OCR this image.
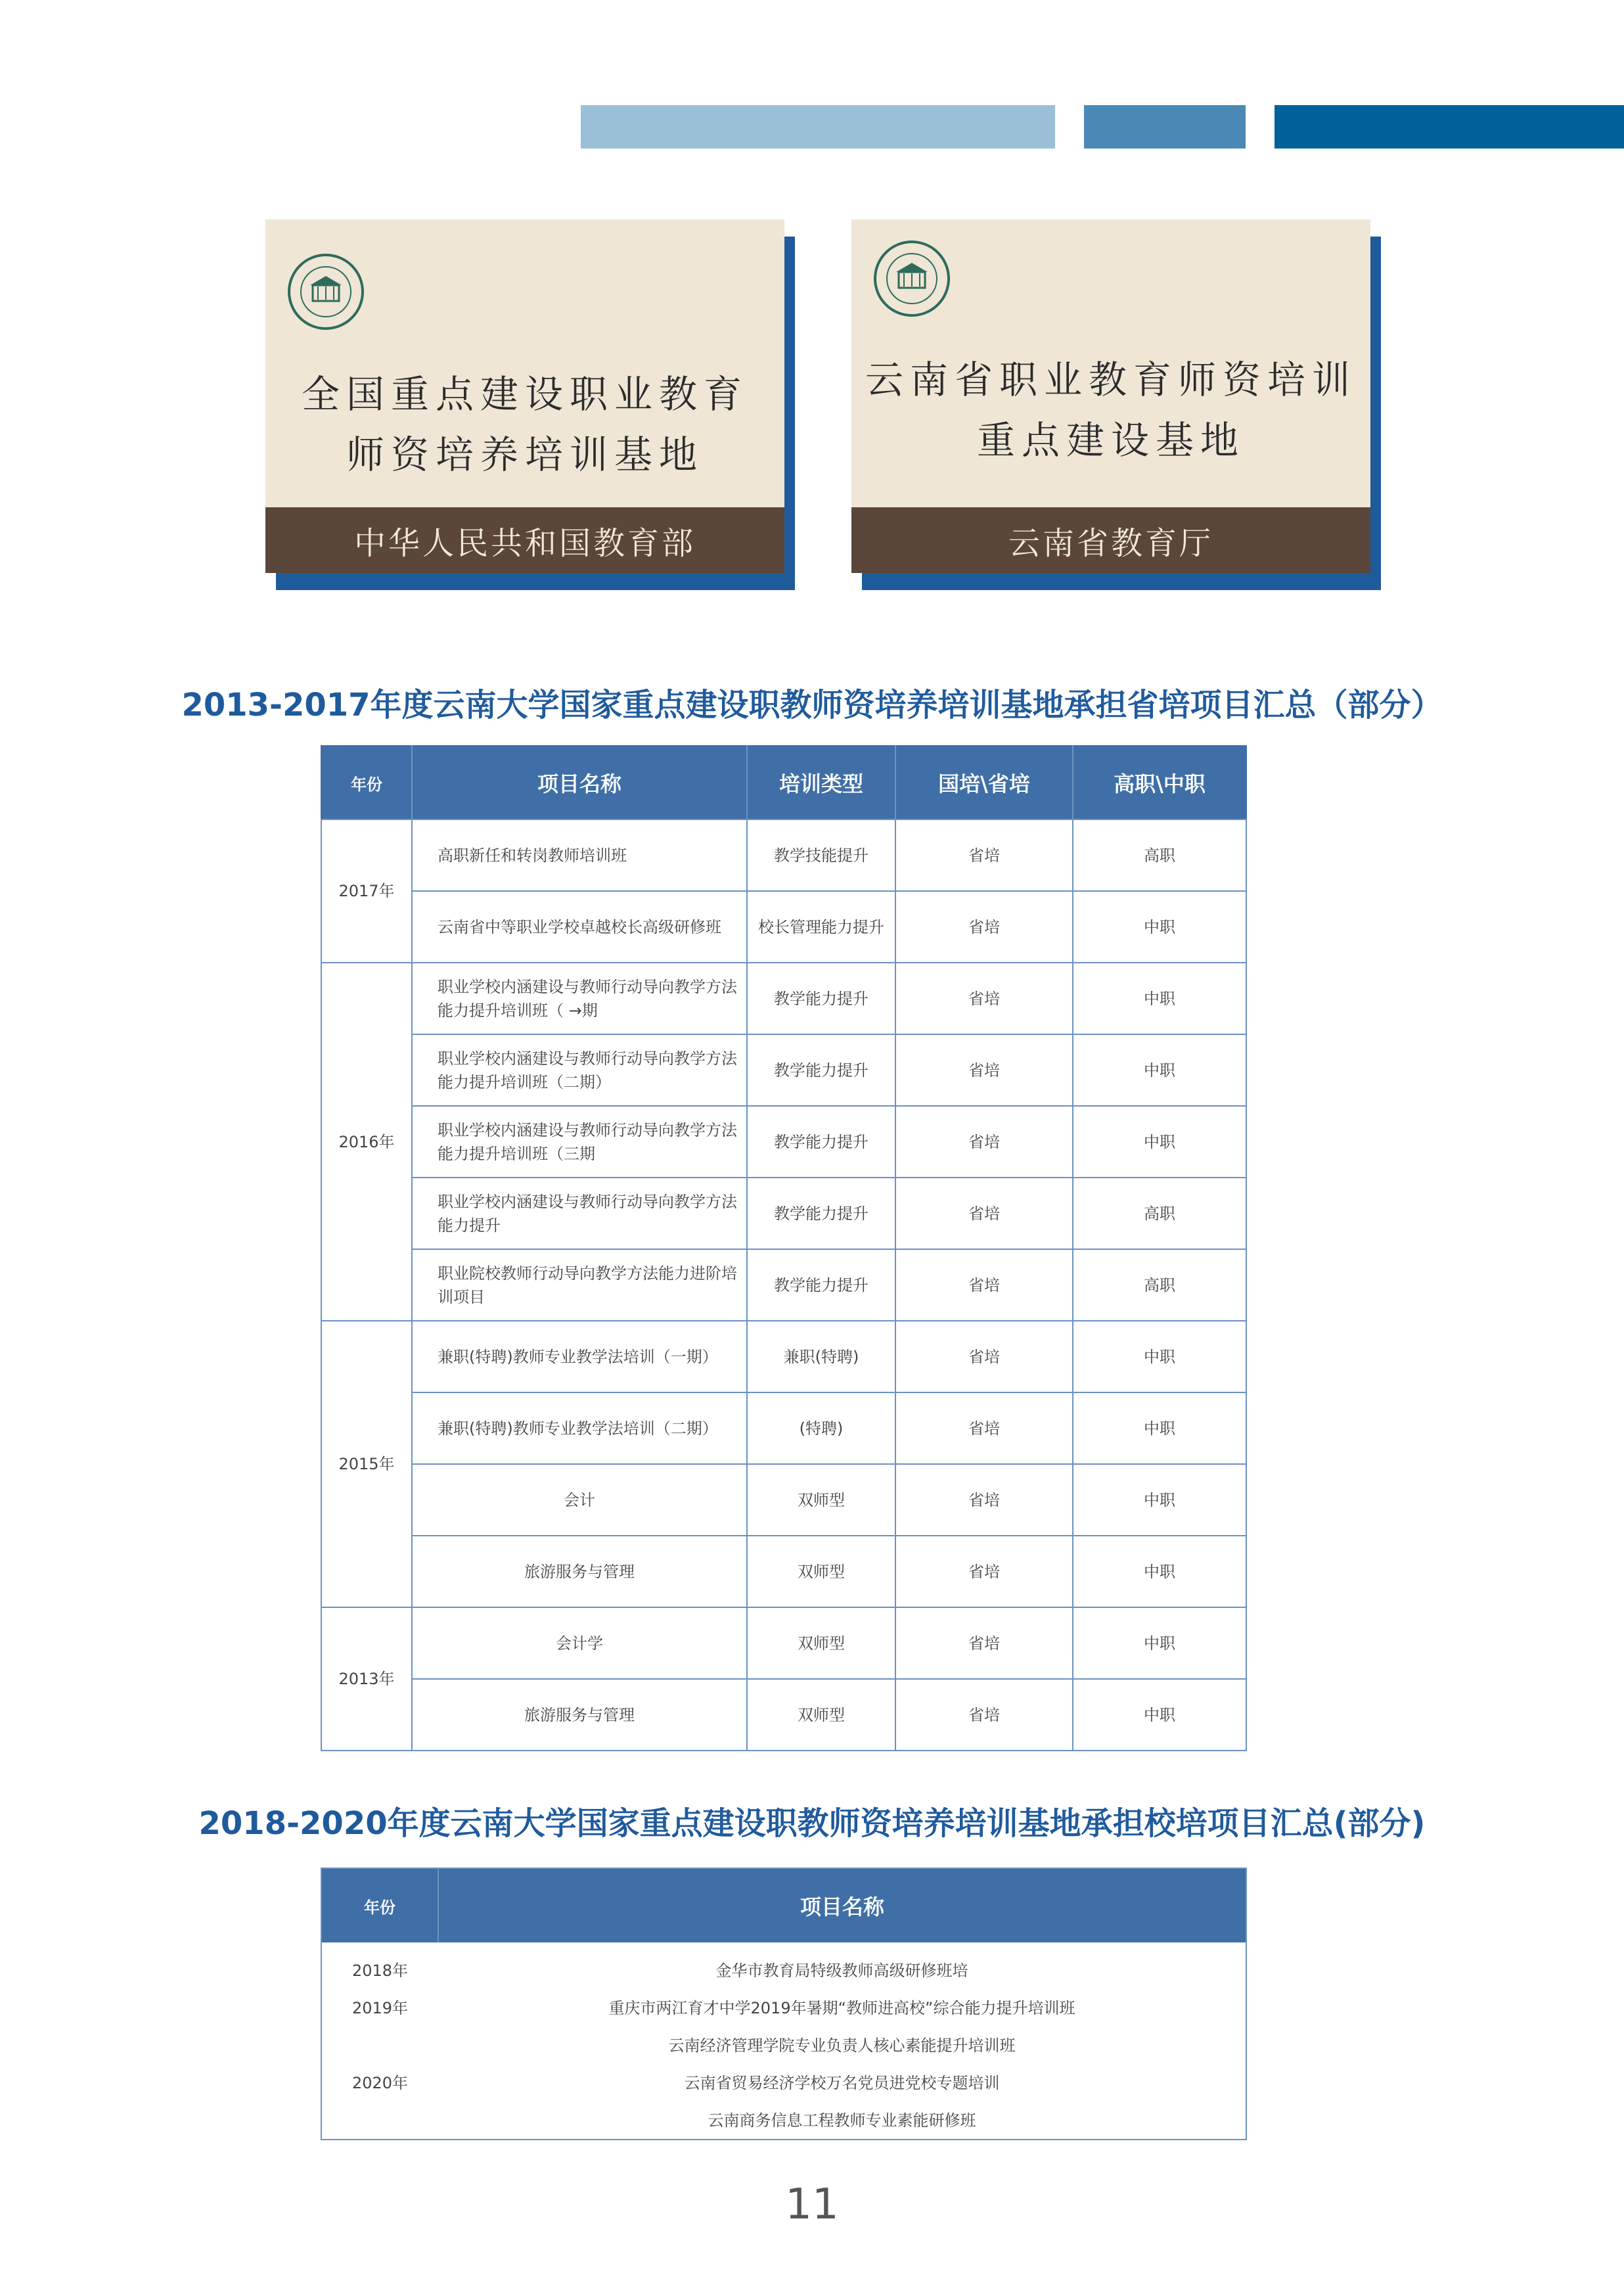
全国重点建设职业教育
师资培养培训基地
中华人民共和国教育部
云南省职业教育师资培训
重点建设基地
云南省教育厅
2013-2017年度云南大学国家重点建设职教师资培养培训基地承担省培项目汇总（部分）
年份	项目名称	培训类型	国培\省培	高职\中职
2017年	高职新任和转岗教师培训班	教学技能提升	省培	高职
	云南省中等职业学校卓越校长高级研修班	校长管理能力提升	省培	中职
2016年	职业学校内涵建设与教师行动导向教学方法能力提升培训班（ →期	教学能力提升	省培	中职
	职业学校内涵建设与教师行动导向教学方法能力提升培训班（二期）	教学能力提升	省培	中职
	职业学校内涵建设与教师行动导向教学方法能力提升培训班（三期	教学能力提升	省培	中职
	职业学校内涵建设与教师行动导向教学方法能力提升	教学能力提升	省培	高职
	职业院校教师行动导向教学方法能力进阶培训项目	教学能力提升	省培	高职
2015年	兼职(特聘)教师专业教学法培训（一期）	兼职(特聘)	省培	中职
	兼职(特聘)教师专业教学法培训（二期）	(特聘)	省培	中职
	会计	双师型	省培	中职
	旅游服务与管理	双师型	省培	中职
2013年	会计学	双师型	省培	中职
	旅游服务与管理	双师型	省培	中职
2018-2020年度云南大学国家重点建设职教师资培养培训基地承担校培项目汇总(部分)
年份	项目名称
2018年	金华市教育局特级教师高级研修班培
2019年	重庆市两江育才中学2019年暑期“教师进高校”综合能力提升培训班
	云南经济管理学院专业负责人核心素能提升培训班
2020年	云南省贸易经济学校万名党员进党校专题培训
	云南商务信息工程教师专业素能研修班
11
